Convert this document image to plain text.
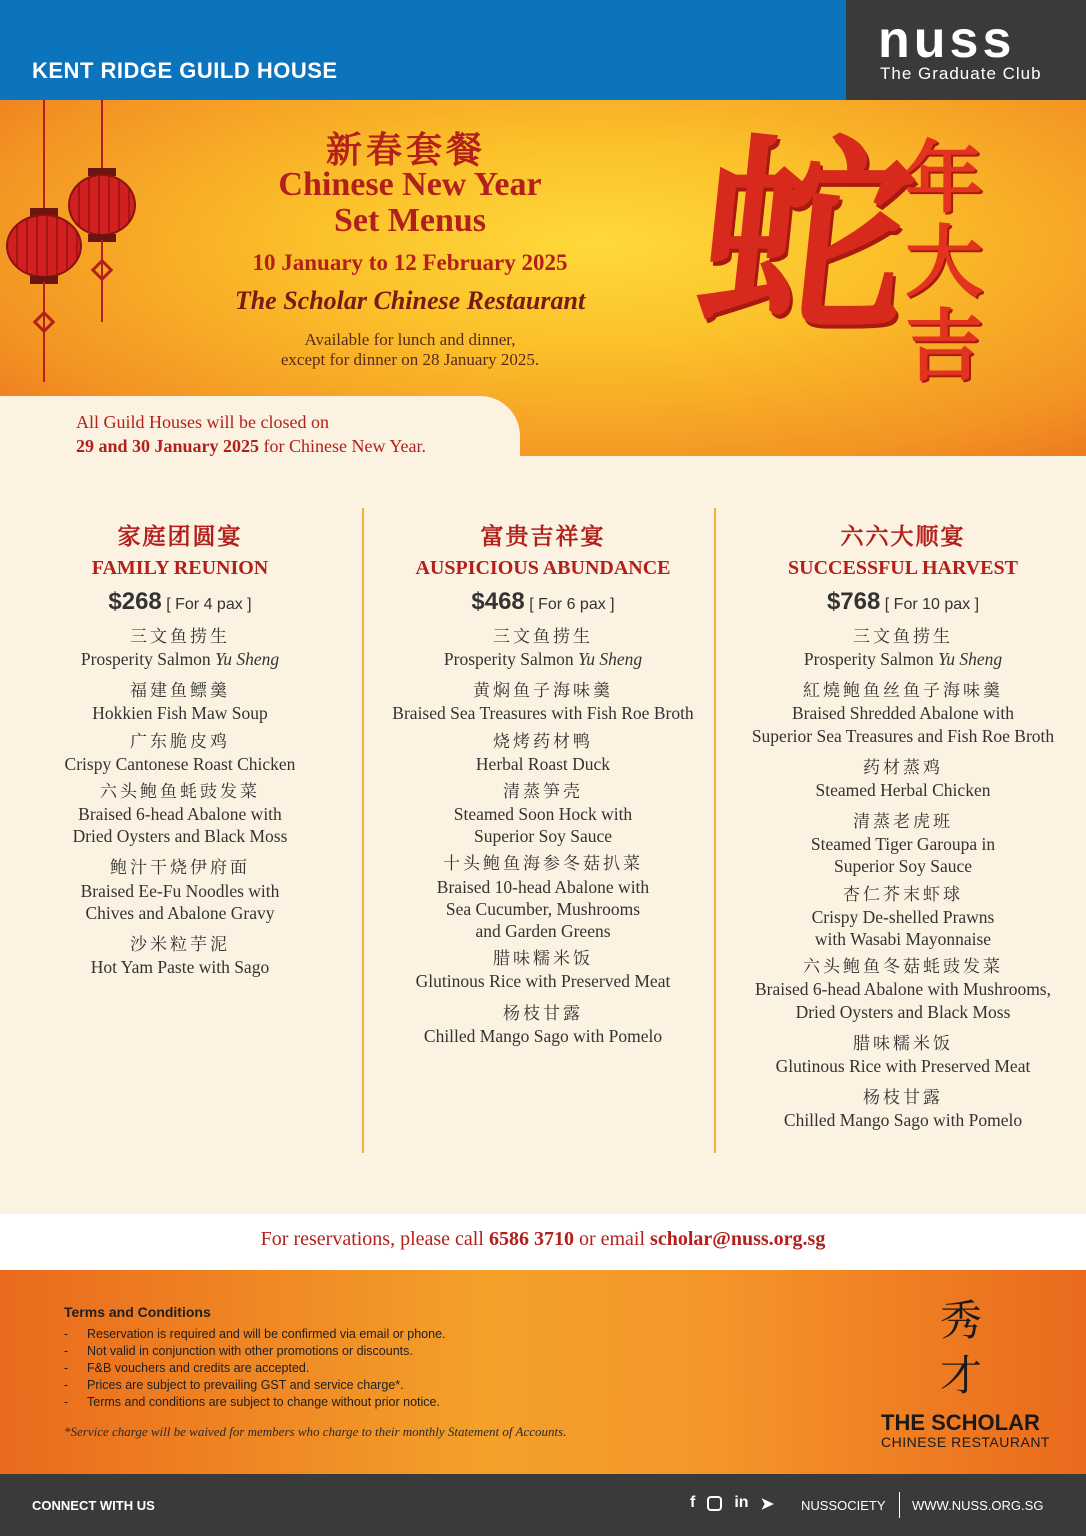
KENT RIDGE GUILD HOUSE
nuss
The Graduate Club
新春套餐
Chinese New Year
Set Menus
10 January to 12 February 2025
The Scholar Chinese Restaurant
Available for lunch and dinner,
except for dinner on 28 January 2025. 蛇
年
大
吉
All Guild Houses will be closed on
29 and 30 January 2025 for Chinese New Year.
家庭团圆宴
FAMILY REUNION
$268 [ For 4 pax ]
三文鱼捞生
Prosperity Salmon Yu Sheng
福建鱼鳔羹
Hokkien Fish Maw Soup
广东脆皮鸡
Crispy Cantonese Roast Chicken
六头鲍鱼蚝豉发菜
Braised 6-head Abalone with
Dried Oysters and Black Moss
鲍汁干烧伊府面
Braised Ee-Fu Noodles with
Chives and Abalone Gravy
沙米粒芋泥
Hot Yam Paste with Sago
富贵吉祥宴
AUSPICIOUS ABUNDANCE
$468 [ For 6 pax ]
三文鱼捞生
Prosperity Salmon Yu Sheng
黄焖鱼子海味羹
Braised Sea Treasures with Fish Roe Broth
烧烤药材鸭
Herbal Roast Duck
清蒸笋壳
Steamed Soon Hock with
Superior Soy Sauce
十头鲍鱼海参冬菇扒菜
Braised 10-head Abalone with
Sea Cucumber, Mushrooms
and Garden Greens
腊味糯米饭
Glutinous Rice with Preserved Meat
杨枝甘露
Chilled Mango Sago with Pomelo
六六大顺宴
SUCCESSFUL HARVEST
$768 [ For 10 pax ]
三文鱼捞生
Prosperity Salmon Yu Sheng
紅燒鲍鱼丝鱼子海味羹
Braised Shredded Abalone with
Superior Sea Treasures and Fish Roe Broth
药材蒸鸡
Steamed Herbal Chicken
清蒸老虎班
Steamed Tiger Garoupa in
Superior Soy Sauce
杏仁芥末虾球
Crispy De-shelled Prawns
with Wasabi Mayonnaise
六头鲍鱼冬菇蚝豉发菜
Braised 6-head Abalone with Mushrooms,
Dried Oysters and Black Moss
腊味糯米饭
Glutinous Rice with Preserved Meat
杨枝甘露
Chilled Mango Sago with Pomelo
For reservations, please call 6586 3710 or email scholar@nuss.org.sg
Terms and Conditions
- Reservation is required and will be confirmed via email or phone.
- Not valid in conjunction with other promotions or discounts.
- F&B vouchers and credits are accepted.
- Prices are subject to prevailing GST and service charge*.
- Terms and conditions are subject to change without prior notice.
*Service charge will be waived for members who charge to their monthly Statement of Accounts.
秀才
THE SCHOLAR
CHINESE RESTAURANT
CONNECT WITH US	f in ➤ NUSSOCIETY WWW.NUSS.ORG.SG
